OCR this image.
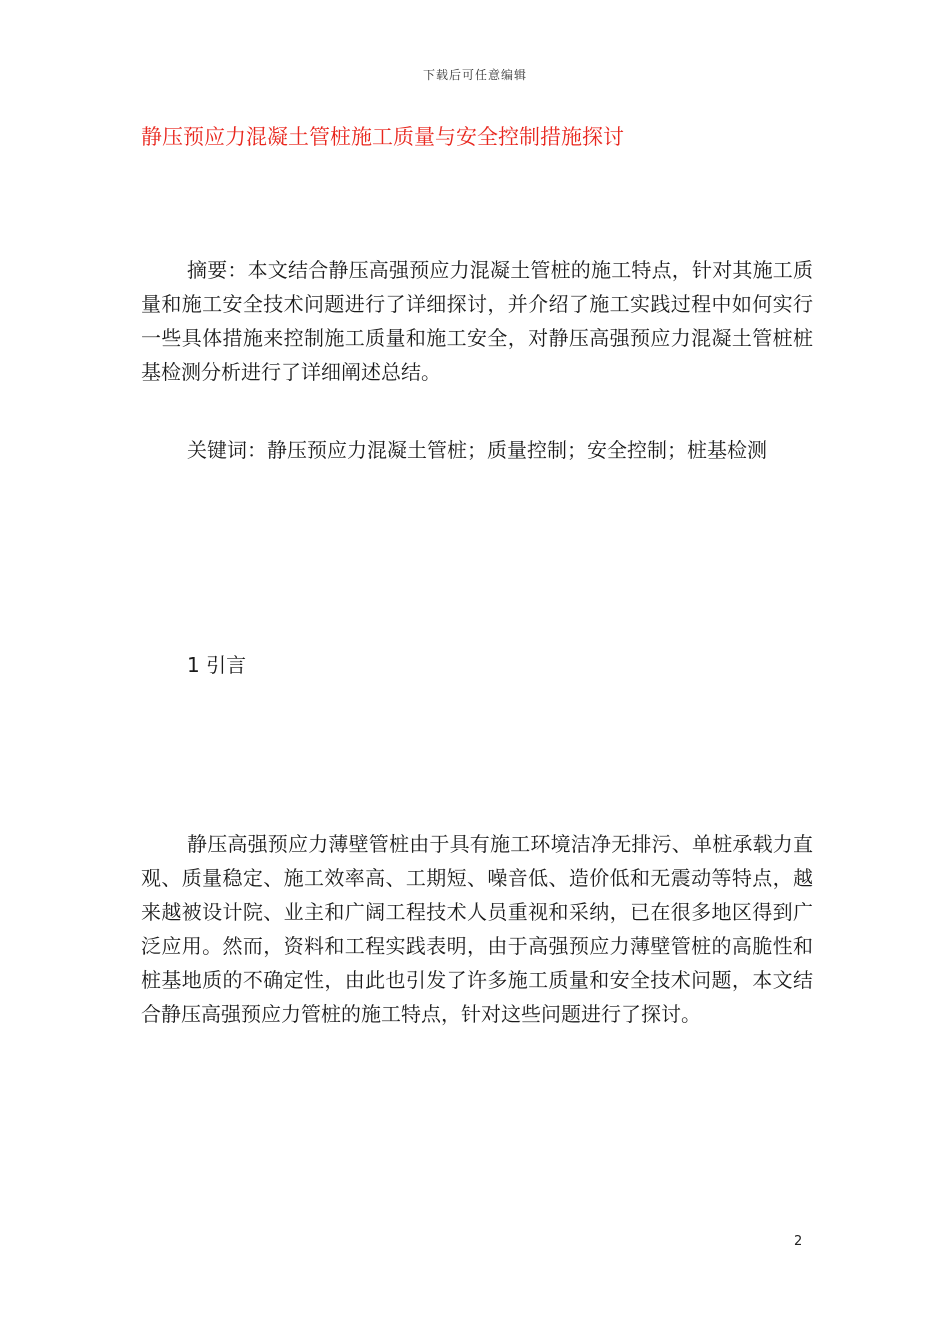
下载后可任意编辑
静压预应力混凝土管桩施工质量与安全控制措施探讨

摘要：本文结合静压高强预应力混凝土管桩的施工特点，针对其施工质量和施工安全技术问题进行了详细探讨，并介绍了施工实践过程中如何实行一些具体措施来控制施工质量和施工安全，对静压高强预应力混凝土管桩桩基检测分析进行了详细阐述总结。

关键词：静压预应力混凝土管桩；质量控制；安全控制；桩基检测

1 引言

静压高强预应力薄壁管桩由于具有施工环境洁净无排污、单桩承载力直观、质量稳定、施工效率高、工期短、噪音低、造价低和无震动等特点，越来越被设计院、业主和广阔工程技术人员重视和采纳，已在很多地区得到广泛应用。然而，资料和工程实践表明，由于高强预应力薄壁管桩的高脆性和桩基地质的不确定性，由此也引发了许多施工质量和安全技术问题，本文结合静压高强预应力管桩的施工特点，针对这些问题进行了探讨。

2
